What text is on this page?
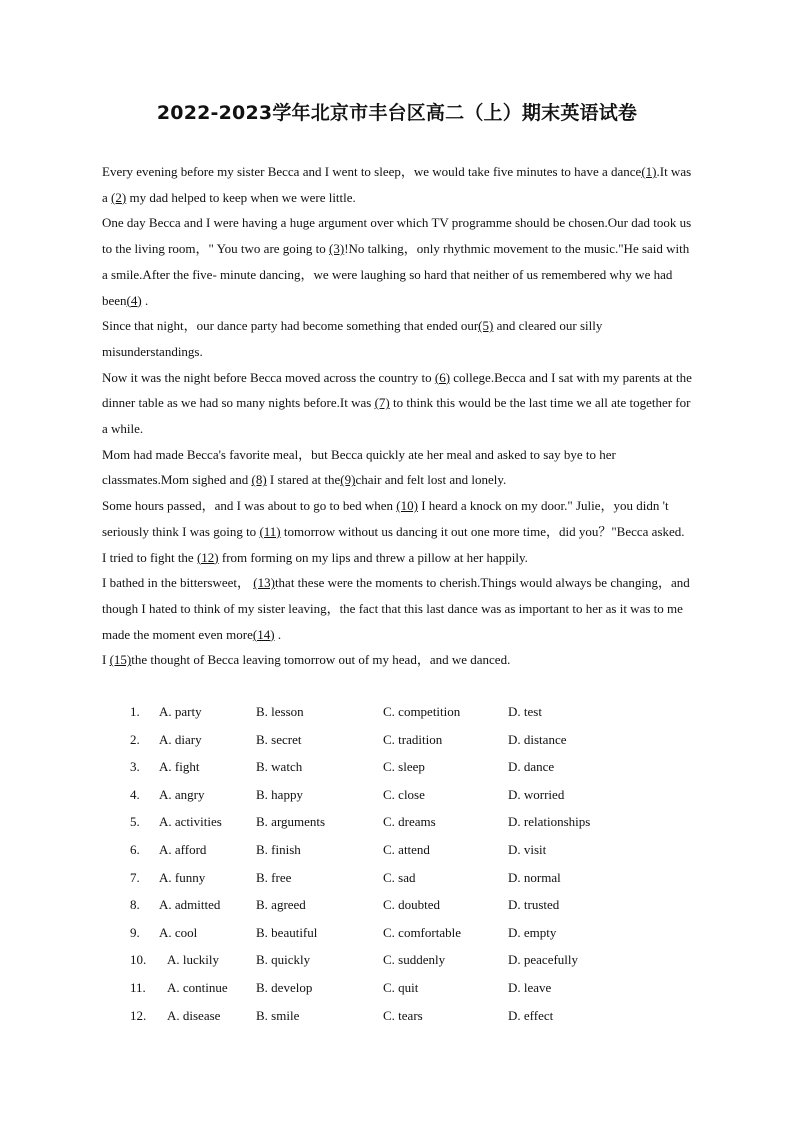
2022-2023学年北京市丰台区高二（上）期末英语试卷

Every evening before my sister Becca and I went to sleep，we would take five minutes to have a dance(1).It was a (2) my dad helped to keep when we were little.

One day Becca and I were having a huge argument over which TV programme should be chosen.Our dad took us to the living room，" You two are going to (3)!No talking，only rhythmic movement to the music."He said with a smile.After the five- minute dancing，we were laughing so hard that neither of us remembered why we had been(4) .

Since that night，our dance party had become something that ended our(5) and cleared our silly misunderstandings.

Now it was the night before Becca moved across the country to (6) college.Becca and I sat with my parents at the dinner table as we had so many nights before.It was (7) to think this would be the last time we all ate together for a while.

Mom had made Becca's favorite meal，but Becca quickly ate her meal and asked to say bye to her classmates.Mom sighed and (8) I stared at the(9)chair and felt lost and lonely.

Some hours passed，and I was about to go to bed when (10) I heard a knock on my door." Julie，you didn 't seriously think I was going to (11) tomorrow without us dancing it out one more time，did you？"Becca asked.

I tried to fight the (12) from forming on my lips and threw a pillow at her happily.

I bathed in the bittersweet， (13)that these were the moments to cherish.Things would always be changing，and though I hated to think of my sister leaving，the fact that this last dance was as important to her as it was to me made the moment even more(14) .

I (15)the thought of Becca leaving tomorrow out of my head，and we danced.

1. A. party	B. lesson	C. competition	D. test
2. A. diary	B. secret	C. tradition	D. distance
3. A. fight	B. watch	C. sleep	D. dance
4. A. angry	B. happy	C. close	D. worried
5. A. activities	B. arguments	C. dreams	D. relationships
6. A. afford	B. finish	C. attend	D. visit
7. A. funny	B. free	C. sad	D. normal
8. A. admitted	B. agreed	C. doubted	D. trusted
9. A. cool	B. beautiful	C. comfortable	D. empty
10. A. luckily	B. quickly	C. suddenly	D. peacefully
11. A. continue B. develop	C. quit	D. leave
12. A. disease	B. smile	C. tears	D. effect
